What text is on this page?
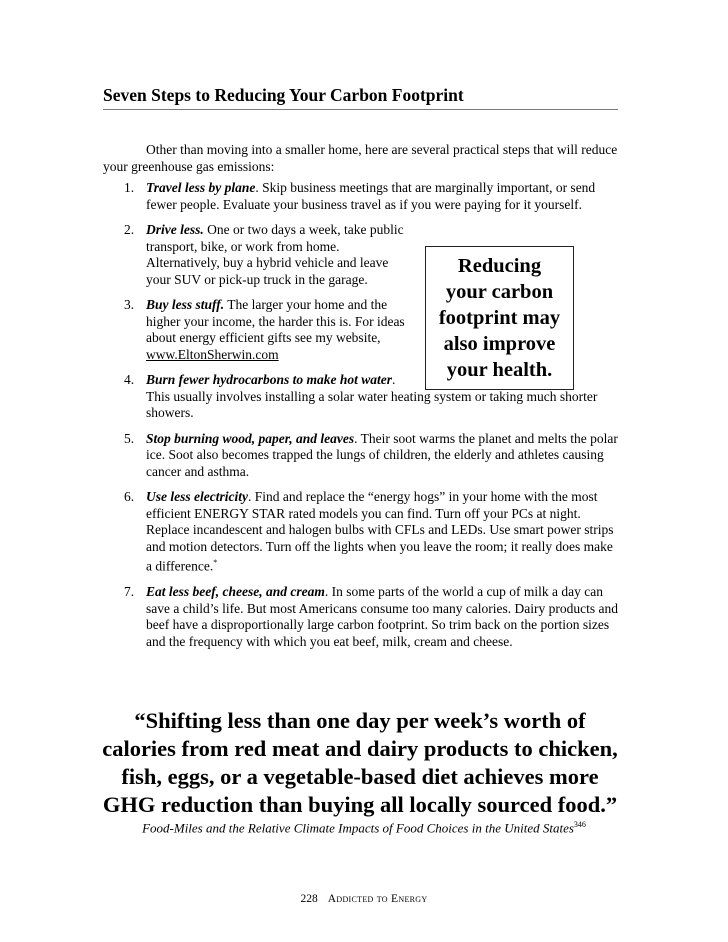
Seven Steps to Reducing Your Carbon Footprint

Other than moving into a smaller home, here are several practical steps that will reduce your greenhouse gas emissions:

1. Travel less by plane. Skip business meetings that are marginally important, or send fewer people. Evaluate your business travel as if you were paying for it yourself.
2. Drive less. One or two days a week, take public transport, bike, or work from home. Alternatively, buy a hybrid vehicle and leave your SUV or pick-up truck in the garage.
3. Buy less stuff. The larger your home and the higher your income, the harder this is. For ideas about energy efficient gifts see my website, www.EltonSherwin.com
4. Burn fewer hydrocarbons to make hot water.
This usually involves installing a solar water heating system or taking much shorter showers.
5. Stop burning wood, paper, and leaves. Their soot warms the planet and melts the polar ice. Soot also becomes trapped the lungs of children, the elderly and athletes causing cancer and asthma.
6. Use less electricity. Find and replace the “energy hogs” in your home with the most efficient ENERGY STAR rated models you can find. Turn off your PCs at night. Replace incandescent and halogen bulbs with CFLs and LEDs. Use smart power strips and motion detectors. Turn off the lights when you leave the room; it really does make a difference.*
7. Eat less beef, cheese, and cream. In some parts of the world a cup of milk a day can save a child’s life. But most Americans consume too many calories. Dairy products and beef have a disproportionally large carbon footprint. So trim back on the portion sizes and the frequency with which you eat beef, milk, cream and cheese.
Reducing
your carbon
footprint may
also improve
your health.
“Shifting less than one day per week’s worth of calories from red meat and dairy products to chicken, fish, eggs, or a vegetable-based diet achieves more GHG reduction than buying all locally sourced food.”
Food-Miles and the Relative Climate Impacts of Food Choices in the United States$^{346}$
228 Addicted to Energy
